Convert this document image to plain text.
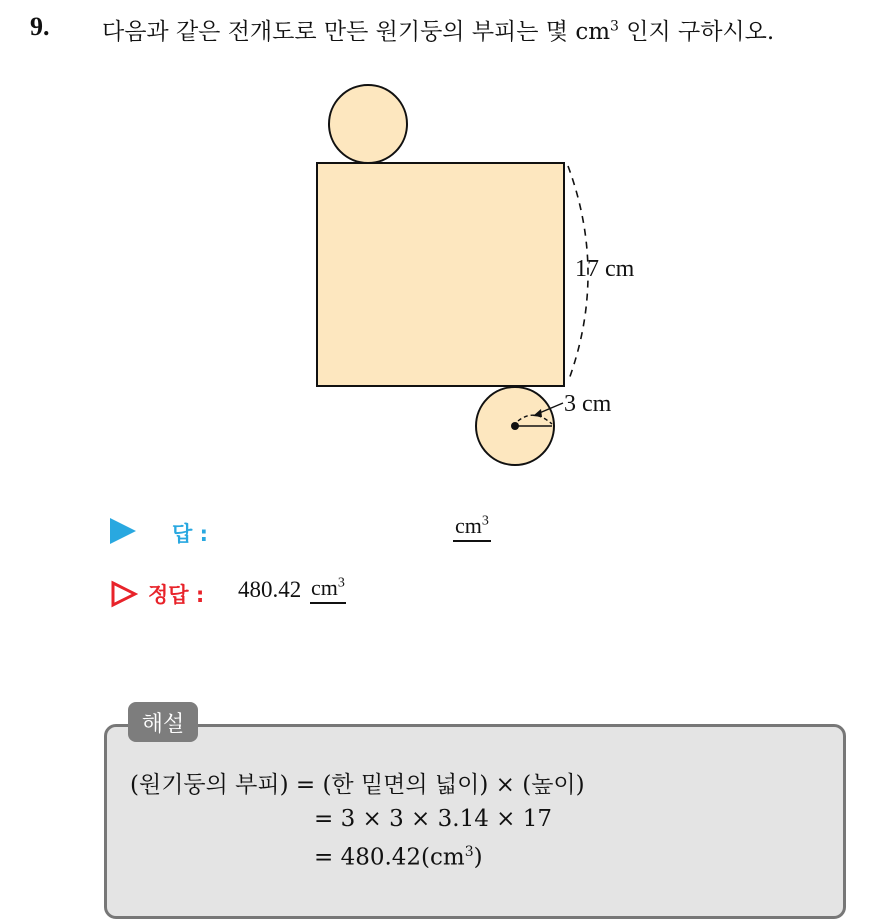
9. 다음과 같은 전개도로 만든 원기둥의 부피는 몇 $cm^3$ 인지 구하시오.
17 cm
3 cm
답 :	$cm^3$
정답 : 480.42 $cm^3$
해설
(원기둥의 부피) = (한 밑면의 넓이) × (높이)
= 3 × 3 × 3.14 × 17
= $480.42(cm^3)$
